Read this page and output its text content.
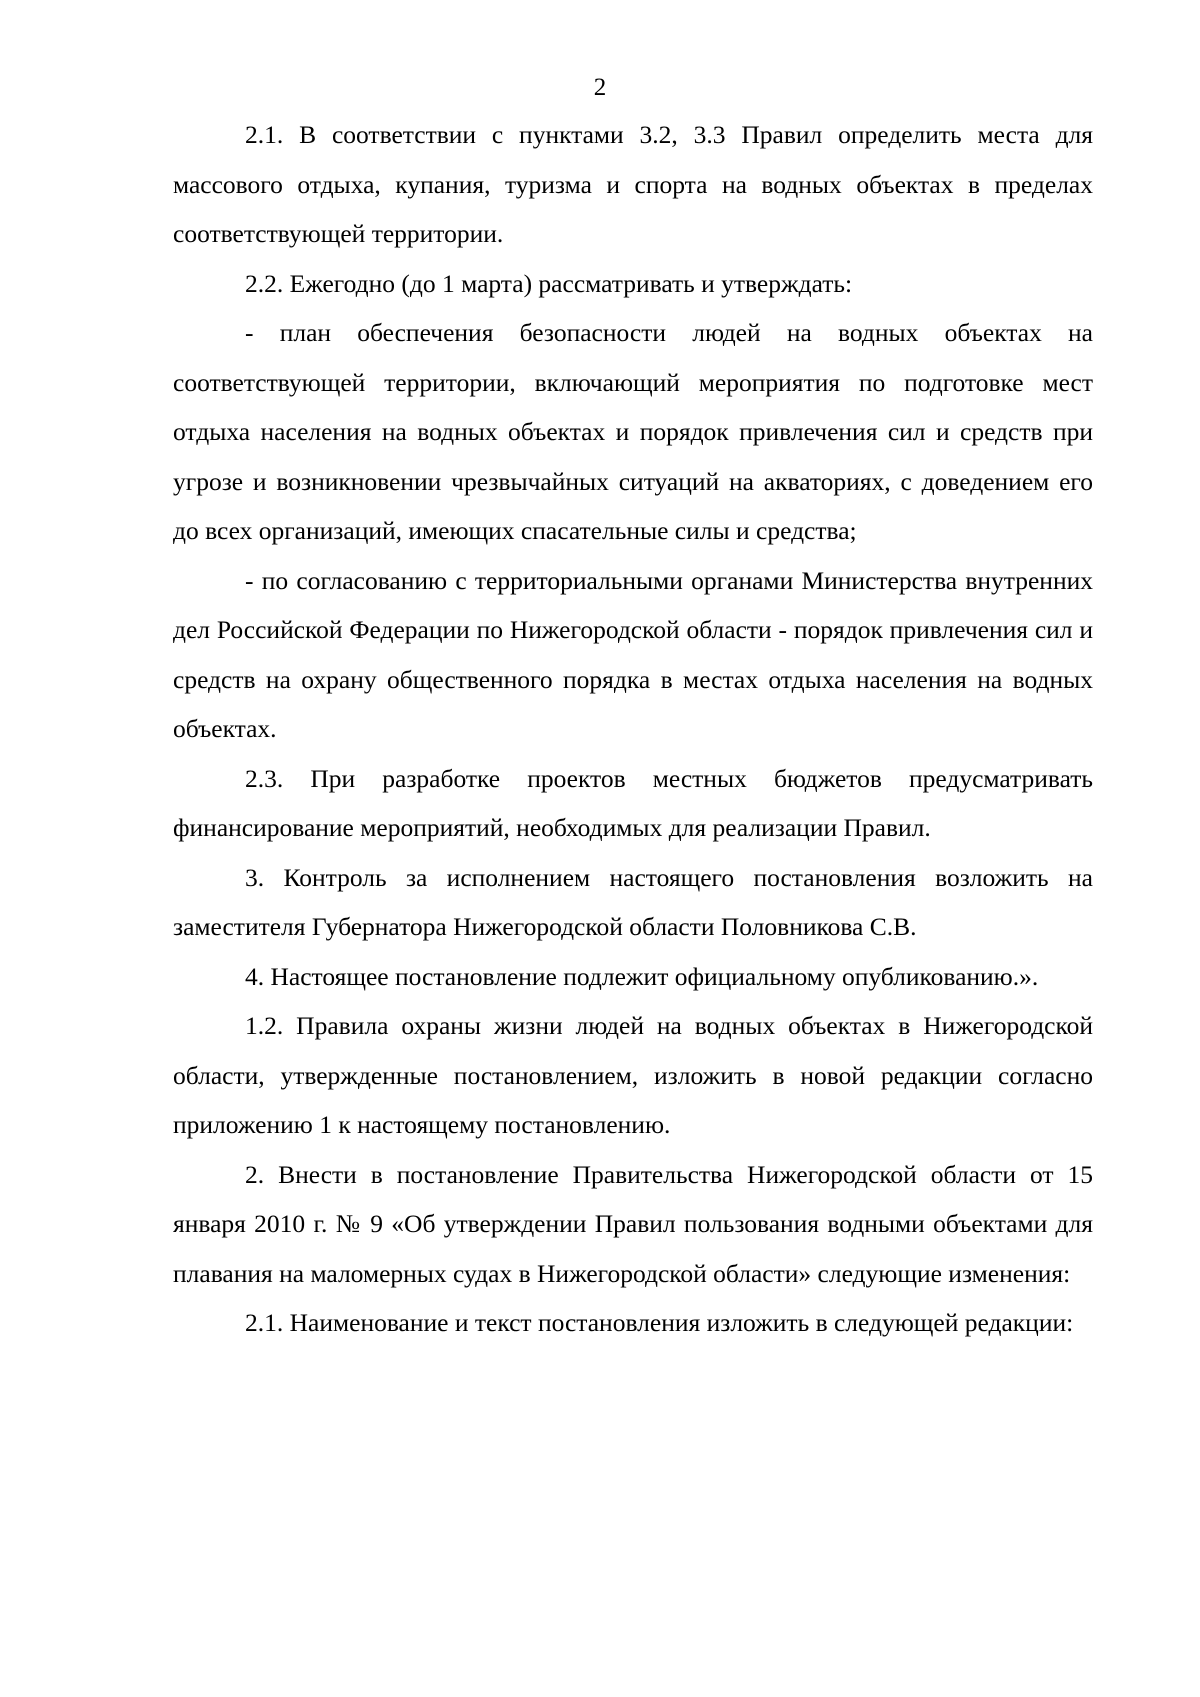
2

2.1. В соответствии с пунктами 3.2, 3.3 Правил определить места для массового отдыха, купания, туризма и спорта на водных объектах в пределах соответствующей территории.

2.2. Ежегодно (до 1 марта) рассматривать и утверждать:

- план обеспечения безопасности людей на водных объектах на соответствующей территории, включающий мероприятия по подготовке мест отдыха населения на водных объектах и порядок привлечения сил и средств при угрозе и возникновении чрезвычайных ситуаций на акваториях, с доведением его до всех организаций, имеющих спасательные силы и средства;

- по согласованию с территориальными органами Министерства внутренних дел Российской Федерации по Нижегородской области - порядок привлечения сил и средств на охрану общественного порядка в местах отдыха населения на водных объектах.

2.3. При разработке проектов местных бюджетов предусматривать финансирование мероприятий, необходимых для реализации Правил.

3. Контроль за исполнением настоящего постановления возложить на заместителя Губернатора Нижегородской области Половникова С.В.

4. Настоящее постановление подлежит официальному опубликованию.».

1.2. Правила охраны жизни людей на водных объектах в Нижегородской области, утвержденные постановлением, изложить в новой редакции согласно приложению 1 к настоящему постановлению.

2. Внести в постановление Правительства Нижегородской области от 15 января 2010 г. № 9 «Об утверждении Правил пользования водными объектами для плавания на маломерных судах в Нижегородской области» следующие изменения:

2.1. Наименование и текст постановления изложить в следующей редакции:
